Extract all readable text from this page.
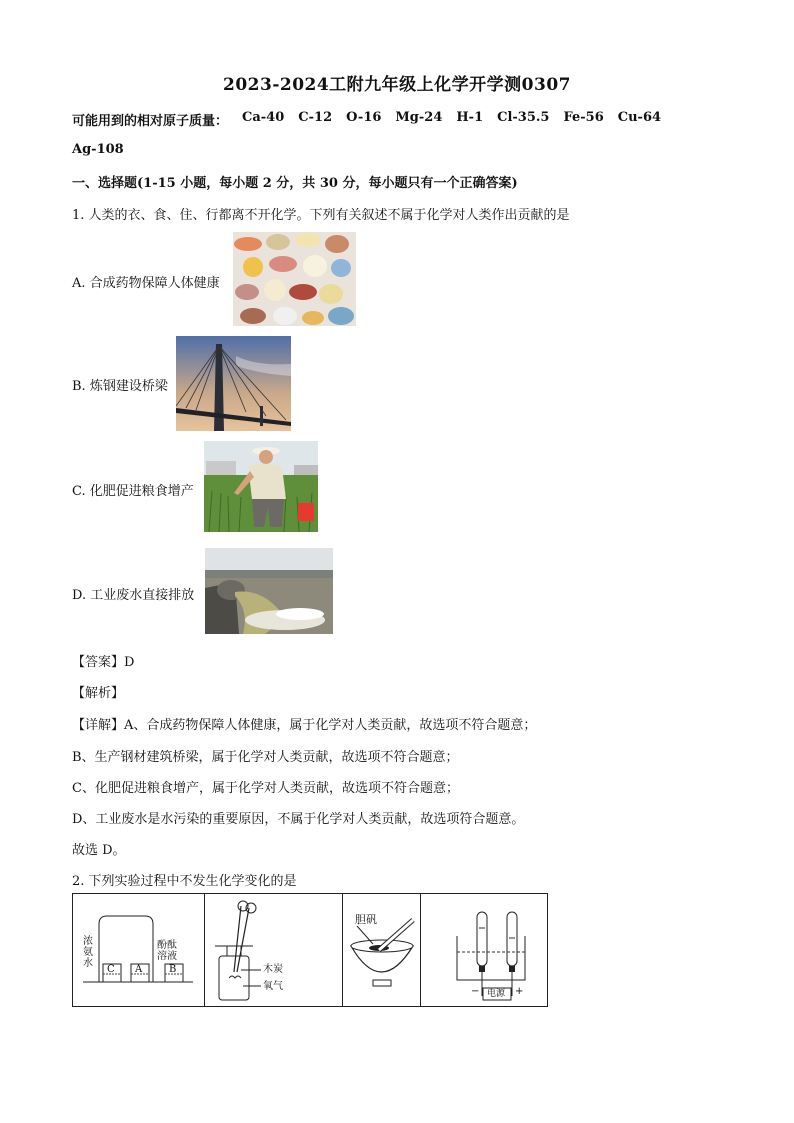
2023-2024工附九年级上化学开学测0307
可能用到的相对原子质量： Ca-40 C-12 O-16 Mg-24 H-1 Cl-35.5 Fe-56 Cu-64
Ag-108
一、选择题(1-15 小题，每小题 2 分，共 30 分，每小题只有一个正确答案)
1. 人类的衣、食、住、行都离不开化学。下列有关叙述不属于化学对人类作出贡献的是
A. 合成药物保障人体健康
B. 炼钢建设桥梁
C. 化肥促进粮食增产
D. 工业废水直接排放
【答案】D
【解析】
【详解】A、合成药物保障人体健康，属于化学对人类贡献，故选项不符合题意；
B、生产钢材建筑桥梁，属于化学对人类贡献，故选项不符合题意；
C、化肥促进粮食增产，属于化学对人类贡献，故选项不符合题意；
D、工业废水是水污染的重要原因，不属于化学对人类贡献，故选项符合题意。
故选 D。
2. 下列实验过程中不发生化学变化的是
浓
氨
水
酚 酞
溶 液
C A	B	木炭
氧气
胆矾
电源
−	+
